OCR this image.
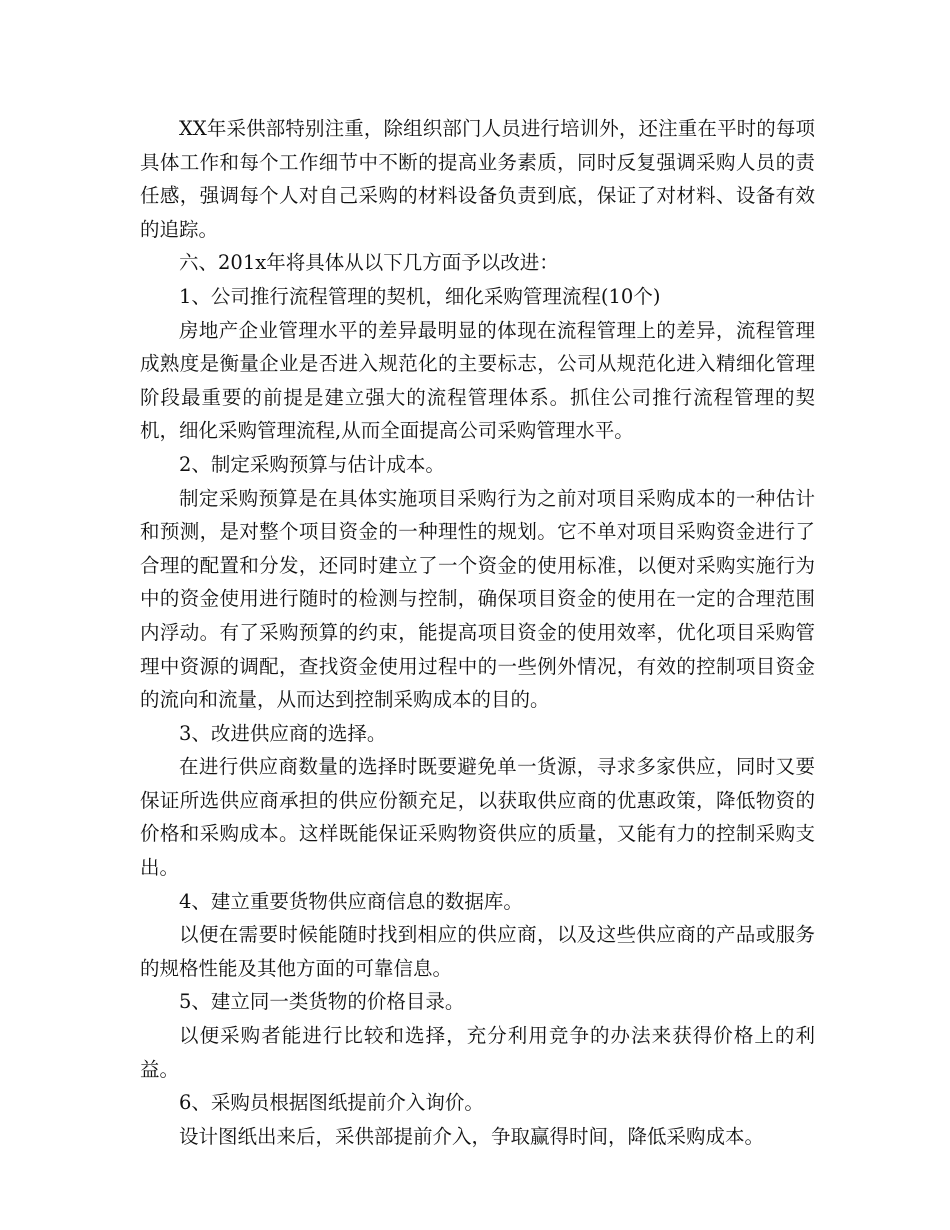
XX年采供部特别注重，除组织部门人员进行培训外，还注重在平时的每项具体工作和每个工作细节中不断的提高业务素质，同时反复强调采购人员的责任感，强调每个人对自己采购的材料设备负责到底，保证了对材料、设备有效的追踪。

六、201x年将具体从以下几方面予以改进：

1、公司推行流程管理的契机，细化采购管理流程(10个)

房地产企业管理水平的差异最明显的体现在流程管理上的差异，流程管理成熟度是衡量企业是否进入规范化的主要标志，公司从规范化进入精细化管理阶段最重要的前提是建立强大的流程管理体系。抓住公司推行流程管理的契机，细化采购管理流程,从而全面提高公司采购管理水平。

2、制定采购预算与估计成本。

制定采购预算是在具体实施项目采购行为之前对项目采购成本的一种估计和预测，是对整个项目资金的一种理性的规划。它不单对项目采购资金进行了合理的配置和分发，还同时建立了一个资金的使用标准，以便对采购实施行为中的资金使用进行随时的检测与控制，确保项目资金的使用在一定的合理范围内浮动。有了采购预算的约束，能提高项目资金的使用效率，优化项目采购管理中资源的调配，查找资金使用过程中的一些例外情况，有效的控制项目资金的流向和流量，从而达到控制采购成本的目的。

3、改进供应商的选择。

在进行供应商数量的选择时既要避免单一货源，寻求多家供应，同时又要保证所选供应商承担的供应份额充足，以获取供应商的优惠政策，降低物资的价格和采购成本。这样既能保证采购物资供应的质量，又能有力的控制采购支出。

4、建立重要货物供应商信息的数据库。

以便在需要时候能随时找到相应的供应商，以及这些供应商的产品或服务的规格性能及其他方面的可靠信息。

5、建立同一类货物的价格目录。

以便采购者能进行比较和选择，充分利用竞争的办法来获得价格上的利益。

6、采购员根据图纸提前介入询价。

设计图纸出来后，采供部提前介入，争取赢得时间，降低采购成本。
